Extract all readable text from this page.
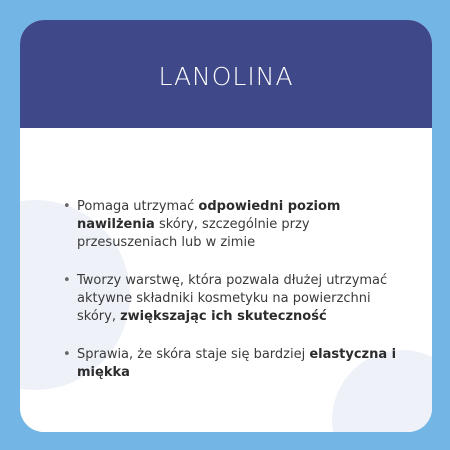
LANOLINA
• Pomaga utrzymać odpowiedni poziom nawilżenia skóry, szczególnie przy przesuszeniach lub w zimie
• Tworzy warstwę, która pozwala dłużej utrzymać aktywne składniki kosmetyku na powierzchni skóry, zwiększając ich skuteczność
• Sprawia, że skóra staje się bardziej elastyczna i miękka
